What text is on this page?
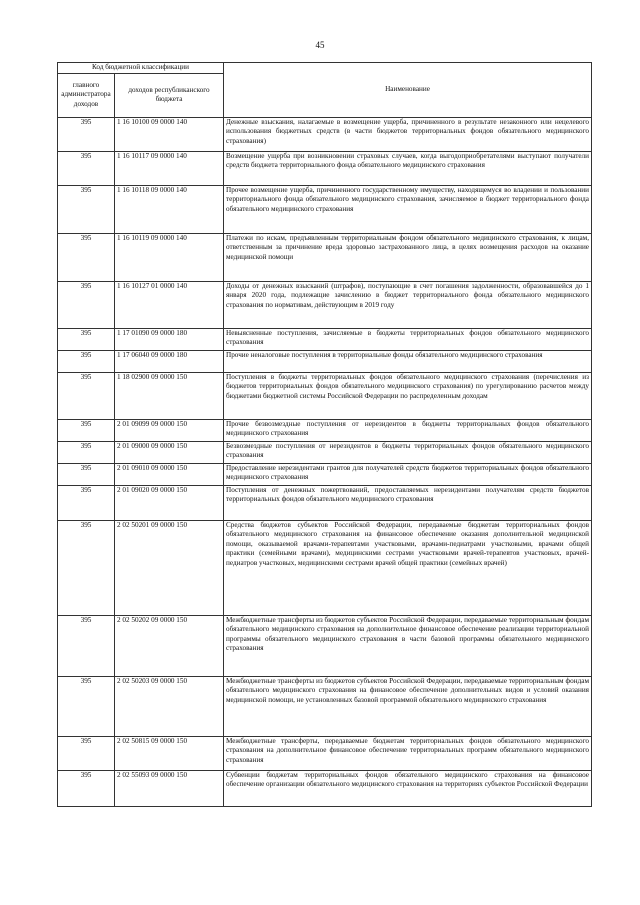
45
Код бюджетной классификации		Наименование
главного администратора доходов	доходов республиканского бюджета	
395	1 16 10100 09 0000 140	Денежные взыскания, налагаемые в возмещение ущерба, причиненного в результате незаконного или нецелевого использования бюджетных средств (в части бюджетов территориальных фондов обязательного медицинского страхования)
395	1 16 10117 09 0000 140	Возмещение ущерба при возникновении страховых случаев, когда выгодоприобретателями выступают получатели средств бюджета территориального фонда обязательного медицинского страхования
395	1 16 10118 09 0000 140	Прочее возмещение ущерба, причиненного государственному имуществу, находящемуся во владении и пользовании территориального фонда обязательного медицинского страхования, зачисляемое в бюджет территориального фонда обязательного медицинского страхования
395	1 16 10119 09 0000 140	Платежи по искам, предъявленным территориальным фондом обязательного медицинского страхования, к лицам, ответственным за причинение вреда здоровью застрахованного лица, в целях возмещения расходов на оказание медицинской помощи
395	1 16 10127 01 0000 140	Доходы от денежных взысканий (штрафов), поступающие в счет погашения задолженности, образовавшейся до 1 января 2020 года, подлежащие зачислению в бюджет территориального фонда обязательного медицинского страхования по нормативам, действующим в 2019 году
395	1 17 01090 09 0000 180	Невыясненные поступления, зачисляемые в бюджеты территориальных фондов обязательного медицинского страхования
395	1 17 06040 09 0000 180	Прочие неналоговые поступления в территориальные фонды обязательного медицинского страхования
395	1 18 02900 09 0000 150	Поступления в бюджеты территориальных фондов обязательного медицинского страхования (перечисления из бюджетов территориальных фондов обязательного медицинского страхования) по урегулированию расчетов между бюджетами бюджетной системы Российской Федерации по распределенным доходам
395	2 01 09099 09 0000 150	Прочие безвозмездные поступления от нерезидентов в бюджеты территориальных фондов обязательного медицинского страхования
395	2 01 09000 09 0000 150	Безвозмездные поступления от нерезидентов в бюджеты территориальных фондов обязательного медицинского страхования
395	2 01 09010 09 0000 150	Предоставление нерезидентами грантов для получателей средств бюджетов территориальных фондов обязательного медицинского страхования
395	2 01 09020 09 0000 150	Поступления от денежных пожертвований, предоставляемых нерезидентами получателям средств бюджетов территориальных фондов обязательного медицинского страхования
395	2 02 50201 09 0000 150	Средства бюджетов субъектов Российской Федерации, передаваемые бюджетам территориальных фондов обязательного медицинского страхования на финансовое обеспечение оказания дополнительной медицинской помощи, оказываемой врачами-терапевтами участковыми, врачами-педиатрами участковыми, врачами общей практики (семейными врачами), медицинскими сестрами участковыми врачей-терапевтов участковых, врачей-педиатров участковых, медицинскими сестрами врачей общей практики (семейных врачей)
395	2 02 50202 09 0000 150	Межбюджетные трансферты из бюджетов субъектов Российской Федерации, передаваемые территориальным фондам обязательного медицинского страхования на дополнительное финансовое обеспечение реализации территориальной программы обязательного медицинского страхования в части базовой программы обязательного медицинского страхования
395	2 02 50203 09 0000 150	Межбюджетные трансферты из бюджетов субъектов Российской Федерации, передаваемые территориальным фондам обязательного медицинского страхования на финансовое обеспечение дополнительных видов и условий оказания медицинской помощи, не установленных базовой программой обязательного медицинского страхования
395	2 02 50815 09 0000 150	Межбюджетные трансферты, передаваемые бюджетам территориальных фондов обязательного медицинского страхования на дополнительное финансовое обеспечение территориальных программ обязательного медицинского страхования
395	2 02 55093 09 0000 150	Субвенции бюджетам территориальных фондов обязательного медицинского страхования на финансовое обеспечение организации обязательного медицинского страхования на территориях субъектов Российской Федерации
